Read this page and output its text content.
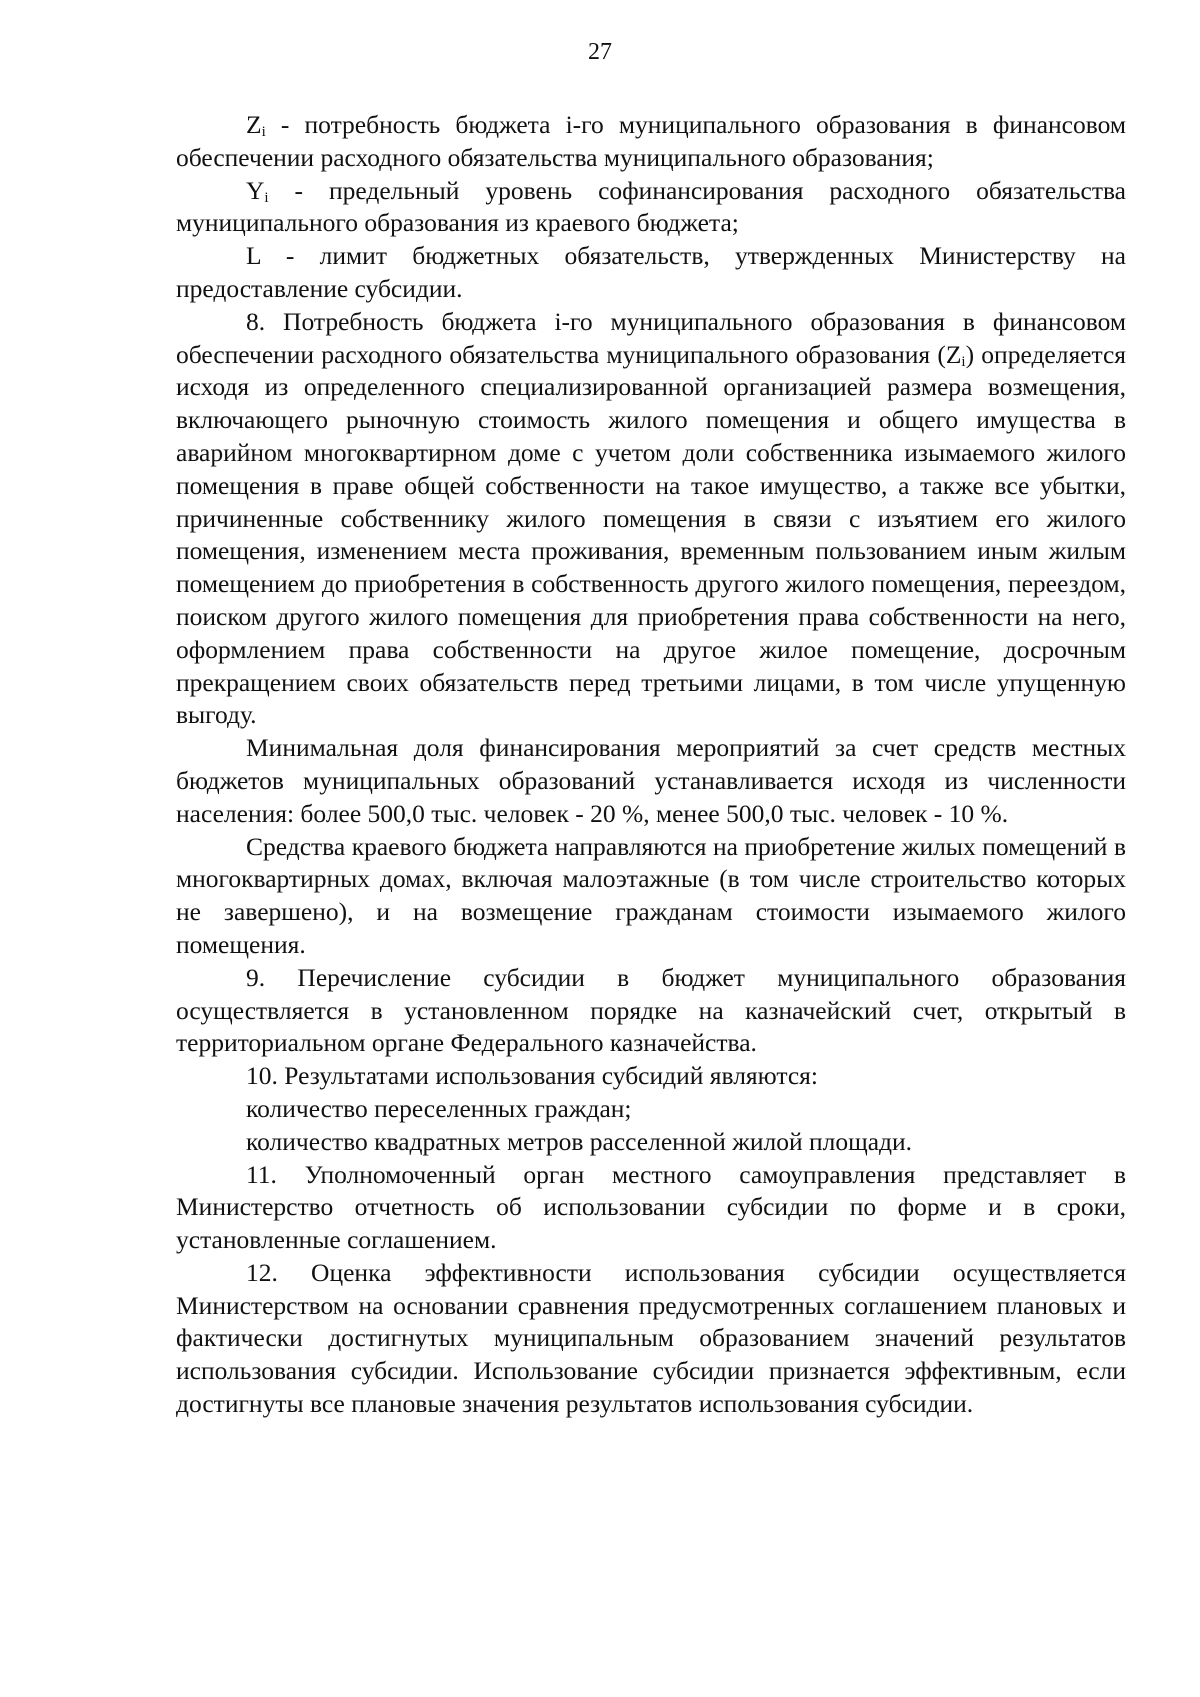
27

$Z_i$ - потребность бюджета i-го муниципального образования в финансовом обеспечении расходного обязательства муниципального образования;

$Y_i$ - предельный уровень софинансирования расходного обязательства муниципального образования из краевого бюджета;

L - лимит бюджетных обязательств, утвержденных Министерству на предоставление субсидии.

8. Потребность бюджета i-го муниципального образования в финансовом обеспечении расходного обязательства муниципального образования $(Z_i)$ определяется исходя из определенного специализированной организацией размера возмещения, включающего рыночную стоимость жилого помещения и общего имущества в аварийном многоквартирном доме с учетом доли собственника изымаемого жилого помещения в праве общей собственности на такое имущество, а также все убытки, причиненные собственнику жилого помещения в связи с изъятием его жилого помещения, изменением места проживания, временным пользованием иным жилым помещением до приобретения в собственность другого жилого помещения, переездом, поиском другого жилого помещения для приобретения права собственности на него, оформлением права собственности на другое жилое помещение, досрочным прекращением своих обязательств перед третьими лицами, в том числе упущенную выгоду.

Минимальная доля финансирования мероприятий за счет средств местных бюджетов муниципальных образований устанавливается исходя из численности населения: более 500,0 тыс. человек - 20 %, менее 500,0 тыс. человек - 10 %.

Средства краевого бюджета направляются на приобретение жилых помещений в многоквартирных домах, включая малоэтажные (в том числе строительство которых не завершено), и на возмещение гражданам стоимости изымаемого жилого помещения.

9. Перечисление субсидии в бюджет муниципального образования осуществляется в установленном порядке на казначейский счет, открытый в территориальном органе Федерального казначейства.

10. Результатами использования субсидий являются:

количество переселенных граждан;

количество квадратных метров расселенной жилой площади.

11. Уполномоченный орган местного самоуправления представляет в Министерство отчетность об использовании субсидии по форме и в сроки, установленные соглашением.

12. Оценка эффективности использования субсидии осуществляется Министерством на основании сравнения предусмотренных соглашением плановых и фактически достигнутых муниципальным образованием значений результатов использования субсидии. Использование субсидии признается эффективным, если достигнуты все плановые значения результатов использования субсидии.
